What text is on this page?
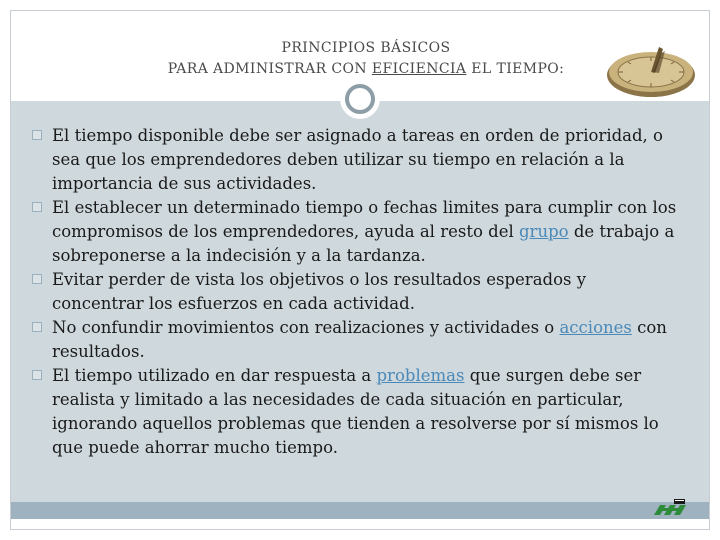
PRINCIPIOS BÁSICOS
PARA ADMINISTRAR CON EFICIENCIA EL TIEMPO:
El tiempo disponible debe ser asignado a tareas en orden de prioridad, o sea que los emprendedores deben utilizar su tiempo en relación a la importancia de sus actividades.
El establecer un determinado tiempo o fechas limites para cumplir con los compromisos de los emprendedores, ayuda al resto del grupo de trabajo a sobreponerse a la indecisión y a la tardanza.
Evitar perder de vista los objetivos o los resultados esperados y concentrar los esfuerzos en cada actividad.
No confundir movimientos con realizaciones y actividades o acciones con resultados.
El tiempo utilizado en dar respuesta a problemas que surgen debe ser realista y limitado a las necesidades de cada situación en particular, ignorando aquellos problemas que tienden a resolverse por sí mismos lo que puede ahorrar mucho tiempo.
